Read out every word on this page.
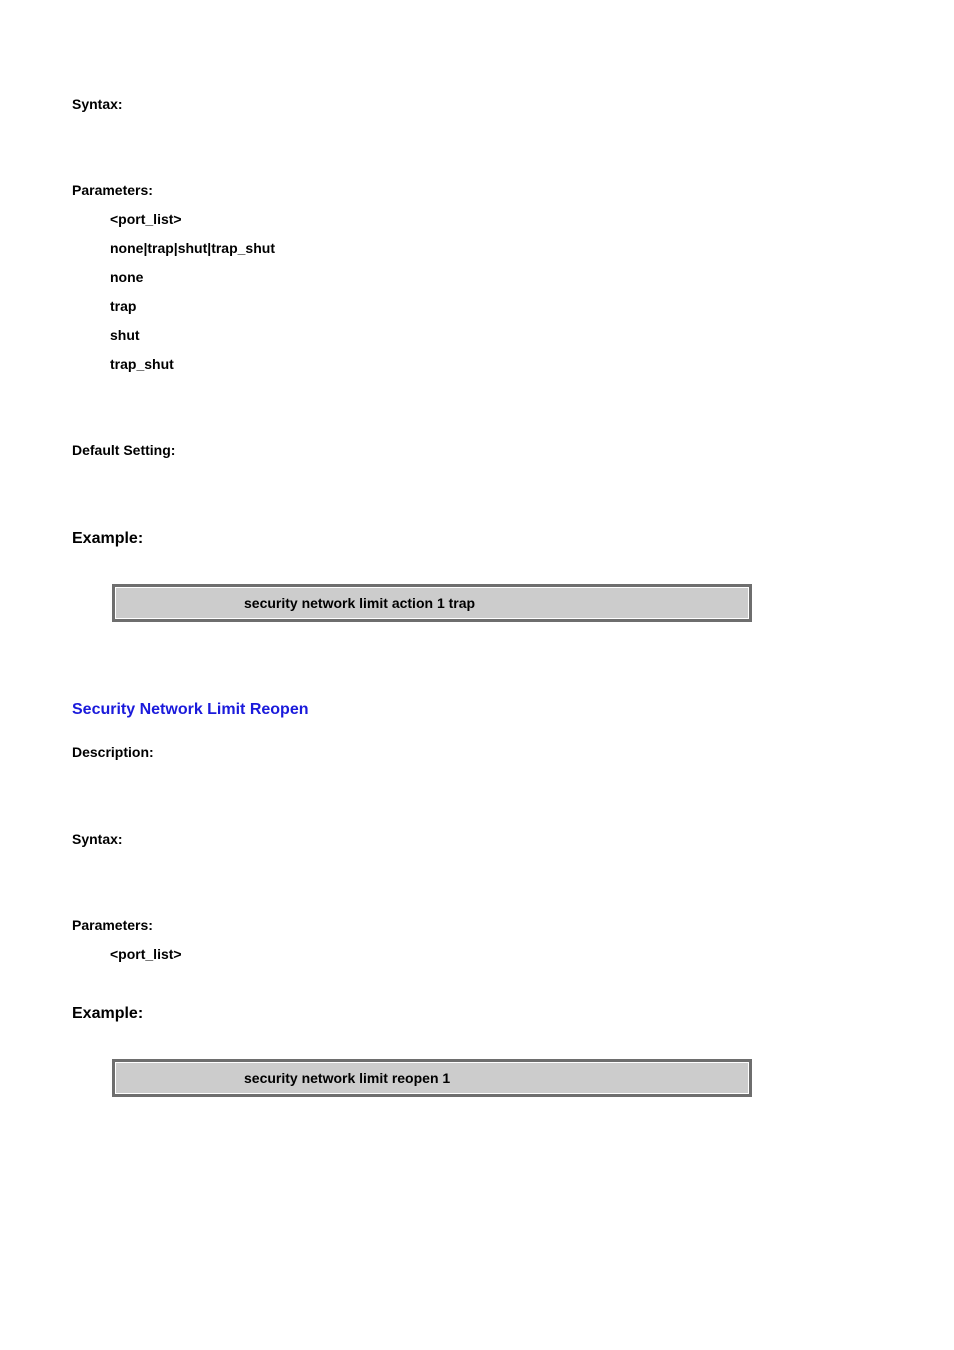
Syntax:
Parameters:
<port_list>
none|trap|shut|trap_shut
none
trap
shut
trap_shut
Default Setting:
Example:
security network limit action 1 trap
Security Network Limit Reopen
Description:
Syntax:
Parameters:
<port_list>
Example:
security network limit reopen 1
